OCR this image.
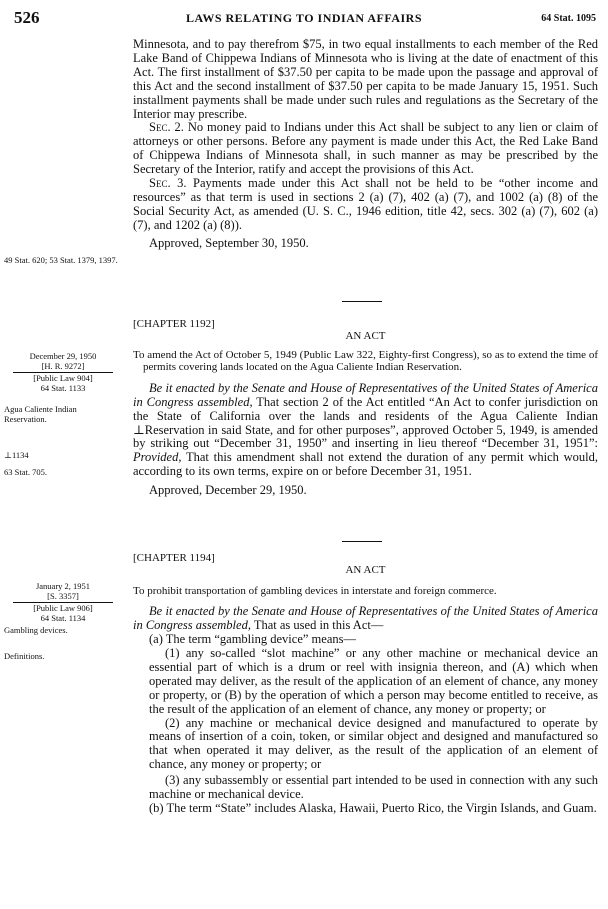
526	LAWS RELATING TO INDIAN AFFAIRS	64 Stat. 1095

Minnesota, and to pay therefrom $75, in two equal installments to each member of the Red Lake Band of Chippewa Indians of Minnesota who is living at the date of enactment of this Act. The first installment of $37.50 per capita to be made upon the passage and approval of this Act and the second installment of $37.50 per capita to be made January 15, 1951. Such installment payments shall be made under such rules and regulations as the Secretary of the Interior may prescribe.

Sec. 2. No money paid to Indians under this Act shall be subject to any lien or claim of attorneys or other persons. Before any payment is made under this Act, the Red Lake Band of Chippewa Indians of Minnesota shall, in such manner as may be prescribed by the Secretary of the Interior, ratify and accept the provisions of this Act.

Sec. 3. Payments made under this Act shall not be held to be “other income and resources” as that term is used in sections 2 (a) (7), 402 (a) (7), and 1002 (a) (8) of the Social Security Act, as amended (U. S. C., 1946 edition, title 42, secs. 302 (a) (7), 602 (a) (7), and 1202 (a) (8)).

Approved, September 30, 1950.

[CHAPTER 1192]

AN ACT

To amend the Act of October 5, 1949 (Public Law 322, Eighty-first Congress), so as to extend the time of permits covering lands located on the Agua Caliente Indian Reservation.

Be it enacted by the Senate and House of Representatives of the United States of America in Congress assembled, That section 2 of the Act entitled “An Act to confer jurisdiction on the State of California over the lands and residents of the Agua Caliente Indian ⊥Reservation in said State, and for other purposes”, approved October 5, 1949, is amended by striking out “December 31, 1950” and inserting in lieu thereof “December 31, 1951”: Provided, That this amendment shall not extend the duration of any permit which would, according to its own terms, expire on or before December 31, 1951.

Approved, December 29, 1950.

[CHAPTER 1194]

AN ACT

To prohibit transportation of gambling devices in interstate and foreign commerce.

Be it enacted by the Senate and House of Representatives of the United States of America in Congress assembled, That as used in this Act—

(a) The term “gambling device” means—

(1) any so-called “slot machine” or any other machine or mechanical device an essential part of which is a drum or reel with insignia thereon, and (A) which when operated may deliver, as the result of the application of an element of chance, any money or property, or (B) by the operation of which a person may become entitled to receive, as the result of the application of an element of chance, any money or property; or

(2) any machine or mechanical device designed and manufactured to operate by means of insertion of a coin, token, or similar object and designed and manufactured so that when operated it may deliver, as the result of the application of an element of chance, any money or property; or

(3) any subassembly or essential part intended to be used in connection with any such machine or mechanical device.

(b) The term “State” includes Alaska, Hawaii, Puerto Rico, the Virgin Islands, and Guam.

49 Stat. 620; 53 Stat. 1379, 1397.
December 29, 1950
[H. R. 9272]
[Public Law 904]
64 Stat. 1133
Agua Caliente Indian Reservation.
⊥1134
63 Stat. 705.
January 2, 1951
[S. 3357]
[Public Law 906]
64 Stat. 1134
Gambling devices.
Definitions.
